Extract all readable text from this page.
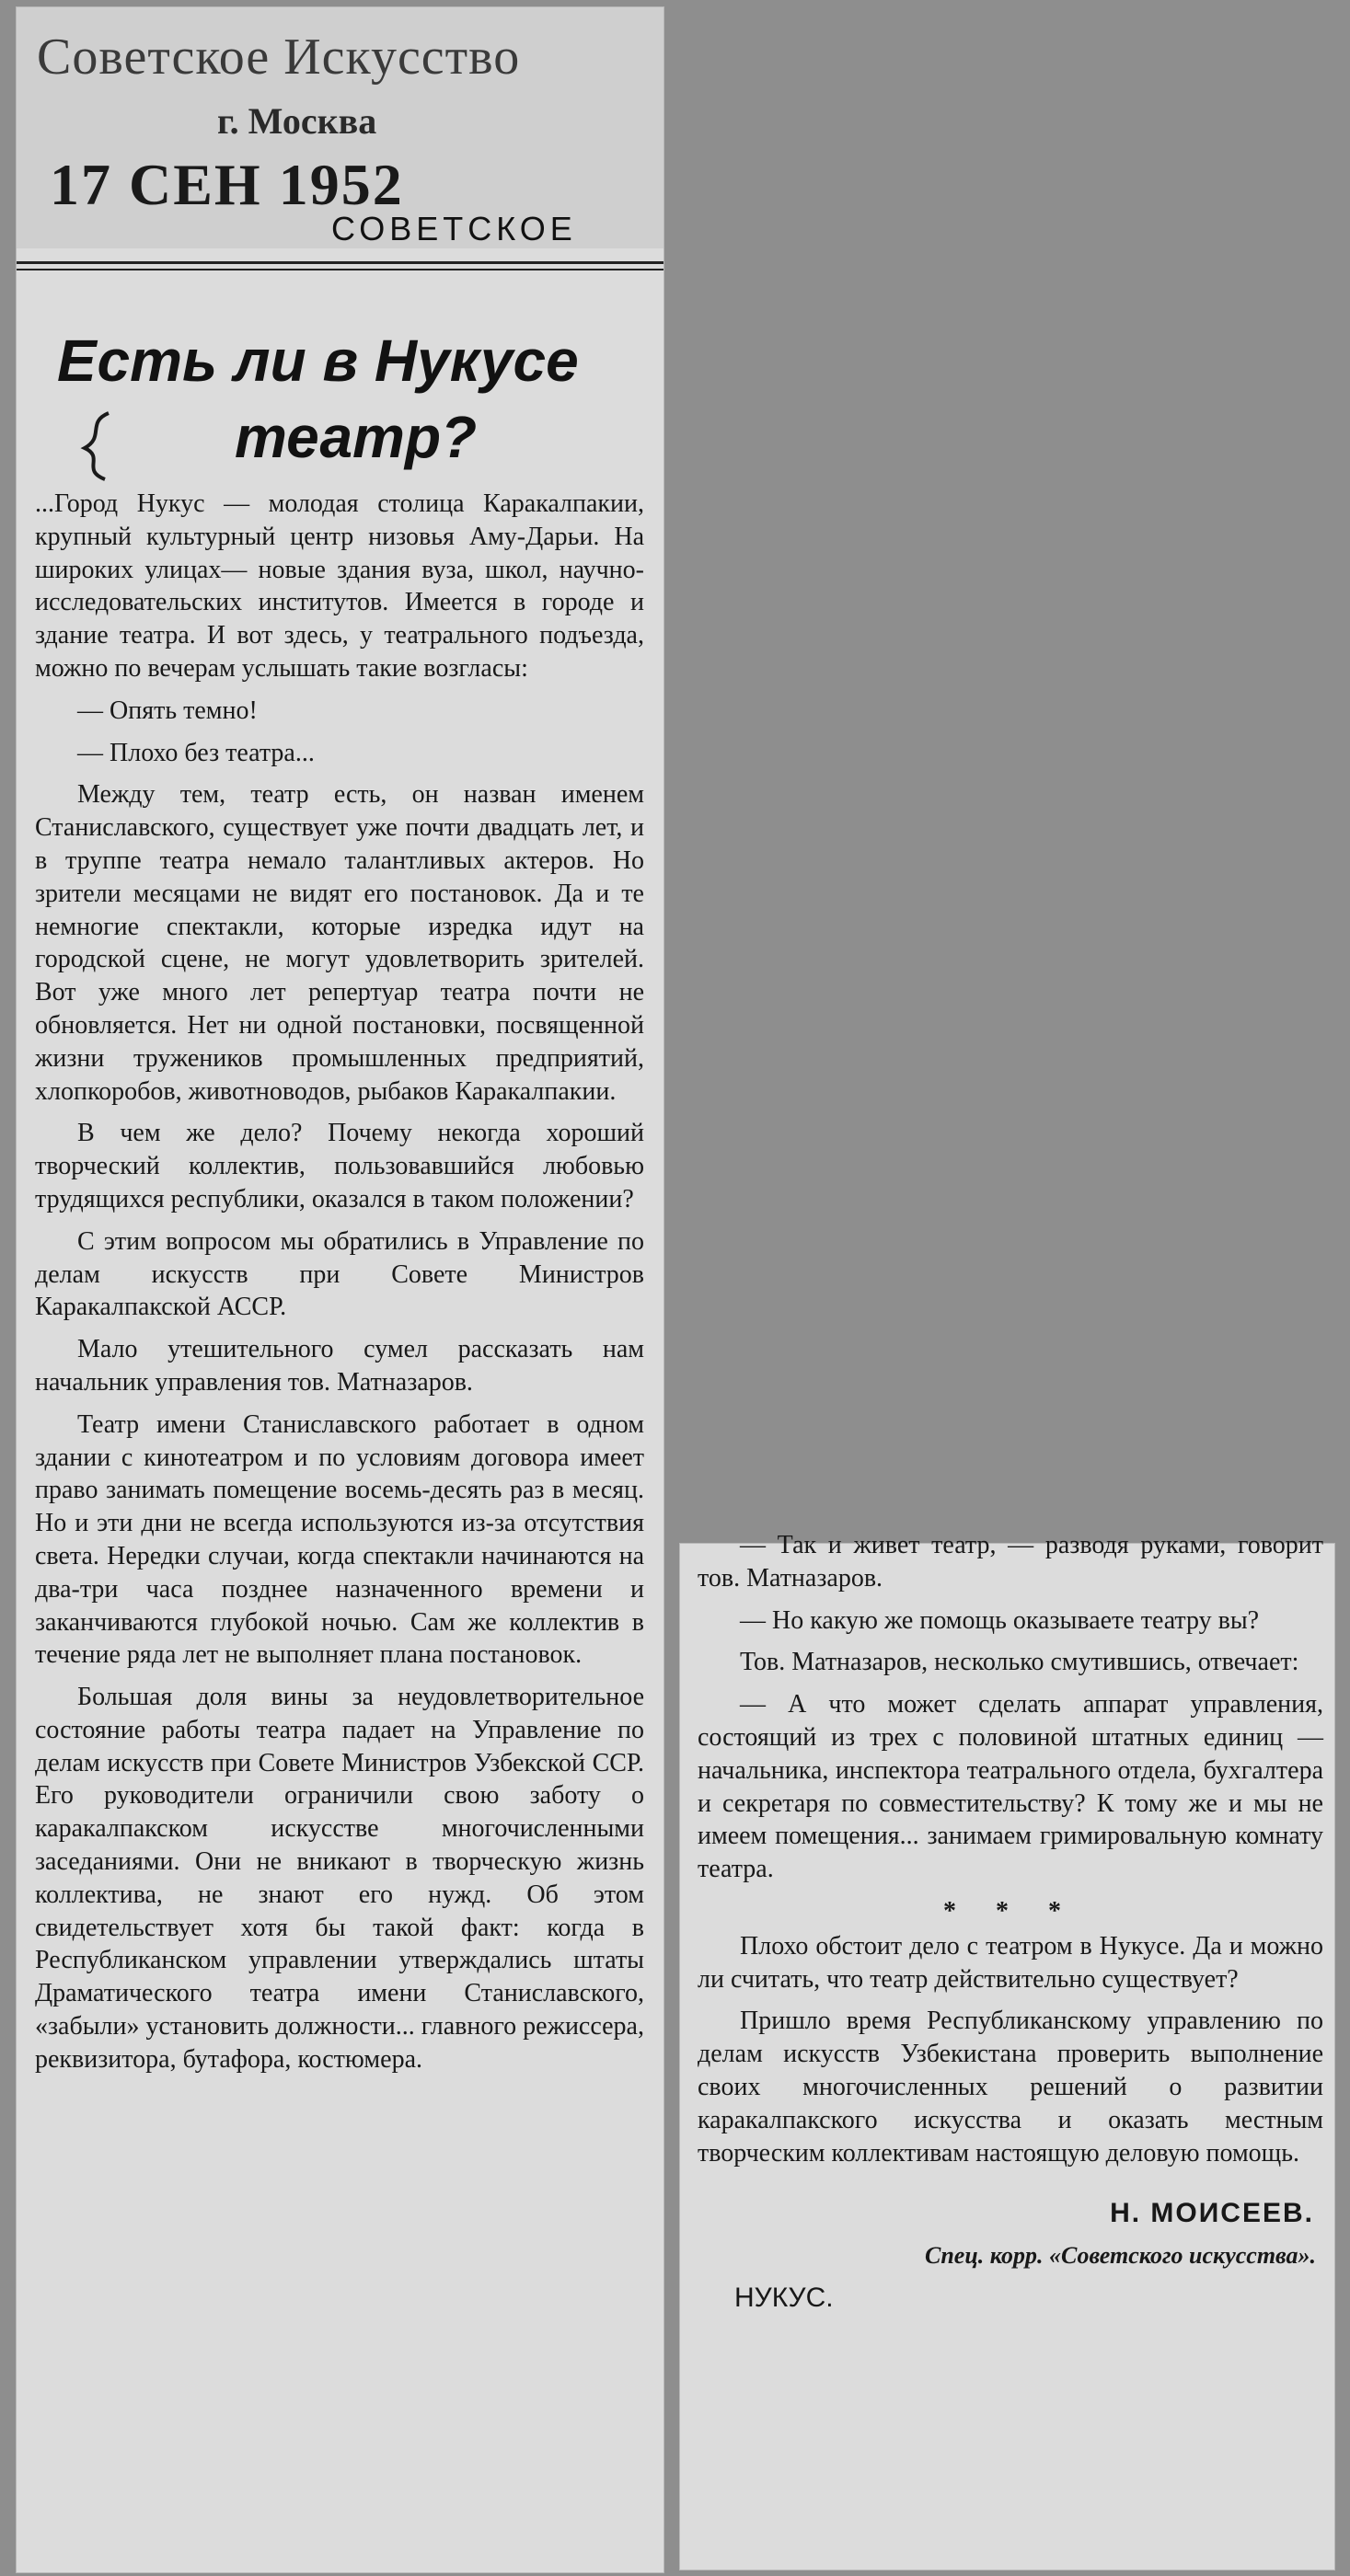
Советское Искусство
г. Москва
17 СЕН 1952
СОВЕТСКОЕ
Есть ли в Нукусе
театр?

...Город Нукус — молодая столица Каракалпакии, крупный культурный центр низовья Аму-Дарьи. На широких улицах— новые здания вуза, школ, научно-исследовательских институтов. Имеется в городе и здание театра. И вот здесь, у театрального подъезда, можно по вечерам услышать такие возгласы:

— Опять темно!

— Плохо без театра...

Между тем, театр есть, он назван именем Станиславского, существует уже почти двадцать лет, и в труппе театра немало талантливых актеров. Но зрители месяцами не видят его постановок. Да и те немногие спектакли, которые изредка идут на городской сцене, не могут удовлетворить зрителей. Вот уже много лет репертуар театра почти не обновляется. Нет ни одной постановки, посвященной жизни тружеников промышленных предприятий, хлопкоробов, животноводов, рыбаков Каракалпакии.

В чем же дело? Почему некогда хороший творческий коллектив, пользовавшийся любовью трудящихся республики, оказался в таком положении?

С этим вопросом мы обратились в Управление по делам искусств при Совете Министров Каракалпакской АССР.

Мало утешительного сумел рассказать нам начальник управления тов. Матназаров.

Театр имени Станиславского работает в одном здании с кинотеатром и по условиям договора имеет право занимать помещение восемь-десять раз в месяц. Но и эти дни не всегда используются из-за отсутствия света. Нередки случаи, когда спектакли начинаются на два-три часа позднее назначенного времени и заканчиваются глубокой ночью. Сам же коллектив в течение ряда лет не выполняет плана постановок.

Большая доля вины за неудовлетворительное состояние работы театра падает на Управление по делам искусств при Совете Министров Узбекской ССР. Его руководители ограничили свою заботу о каракалпакском искусстве многочисленными заседаниями. Они не вникают в творческую жизнь коллектива, не знают его нужд. Об этом свидетельствует хотя бы такой факт: когда в Республиканском управлении утверждались штаты Драматического театра имени Станиславского, «забыли» установить должности... главного режиссера, реквизитора, бутафора, костюмера.

— Так и живет театр, — разводя руками, говорит тов. Матназаров.

— Но какую же помощь оказываете театру вы?

Тов. Матназаров, несколько смутившись, отвечает:

— А что может сделать аппарат управления, состоящий из трех с половиной штатных единиц — начальника, инспектора театрального отдела, бухгалтера и секретаря по совместительству? К тому же и мы не имеем помещения... занимаем гримировальную комнату театра.

* * *

Плохо обстоит дело с театром в Нукусе. Да и можно ли считать, что театр действительно существует?

Пришло время Республиканскому управлению по делам искусств Узбекистана проверить выполнение своих многочисленных решений о развитии каракалпакского искусства и оказать местным творческим коллективам настоящую деловую помощь.

Н. МОИСЕЕВ.
Спец. корр. «Советского искусства».
НУКУС.
